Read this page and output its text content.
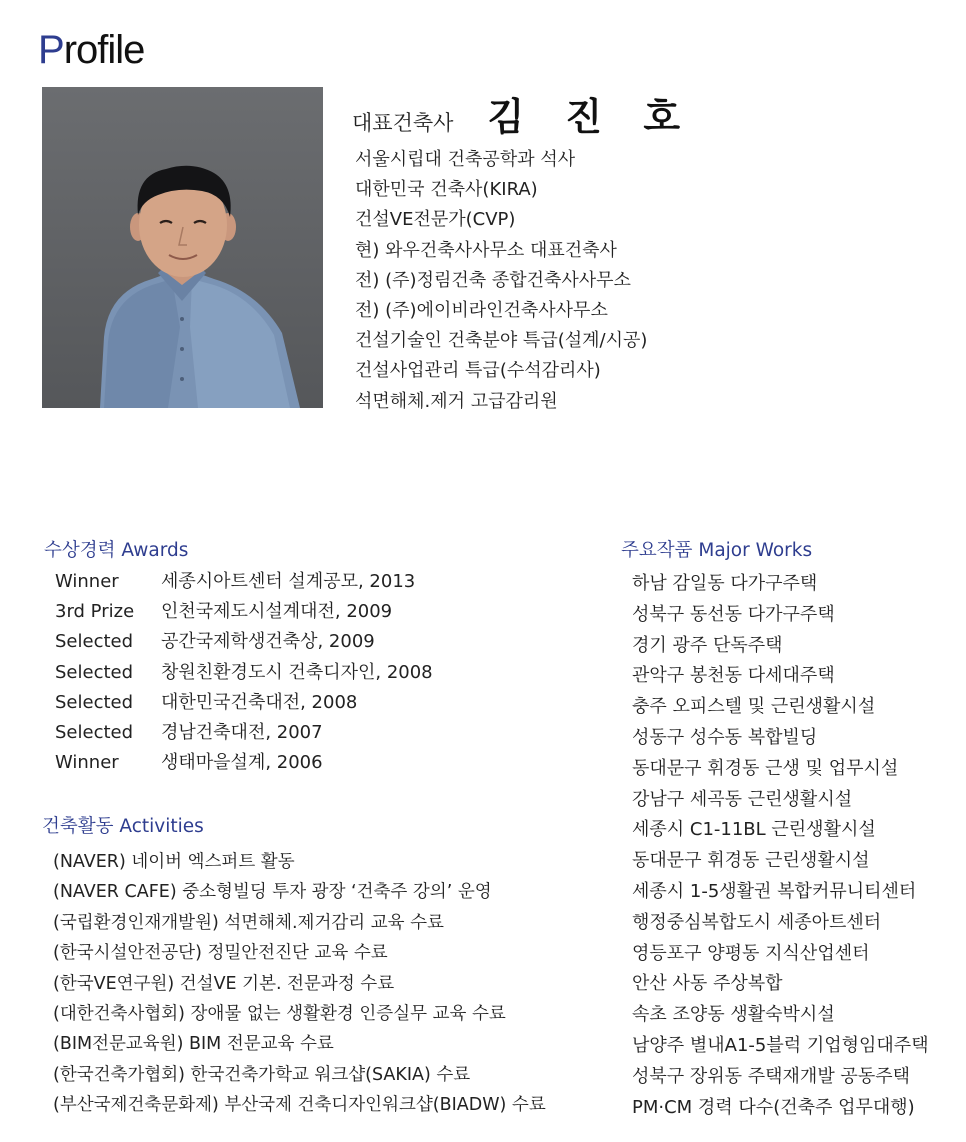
Profile
대표건축사 김 진 호
서울시립대 건축공학과 석사
대한민국 건축사(KIRA)
건설VE전문가(CVP)
현) 와우건축사사무소 대표건축사
전) (주)정림건축 종합건축사사무소
전) (주)에이비라인건축사사무소
건설기술인 건축분야 특급(설계/시공)
건설사업관리 특급(수석감리사)
석면해체.제거 고급감리원
수상경력 Awards
Winner	세종시아트센터 설계공모, 2013
3rd Prize	인천국제도시설계대전, 2009
Selected	공간국제학생건축상, 2009
Selected	창원친환경도시 건축디자인, 2008
Selected	대한민국건축대전, 2008
Selected	경남건축대전, 2007
Winner	생태마을설계, 2006
건축활동 Activities
(NAVER) 네이버 엑스퍼트 활동
(NAVER CAFE) 중소형빌딩 투자 광장 ‘건축주 강의’ 운영
(국립환경인재개발원) 석면해체.제거감리 교육 수료
(한국시설안전공단) 정밀안전진단 교육 수료
(한국VE연구원) 건설VE 기본. 전문과정 수료
(대한건축사협회) 장애물 없는 생활환경 인증실무 교육 수료
(BIM전문교육원) BIM 전문교육 수료
(한국건축가협회) 한국건축가학교 워크샵(SAKIA) 수료
(부산국제건축문화제) 부산국제 건축디자인워크샵(BIADW) 수료
주요작품 Major Works
하남 감일동 다가구주택
성북구 동선동 다가구주택
경기 광주 단독주택
관악구 봉천동 다세대주택
충주 오피스텔 및 근린생활시설
성동구 성수동 복합빌딩
동대문구 휘경동 근생 및 업무시설
강남구 세곡동 근린생활시설
세종시 C1-11BL 근린생활시설
동대문구 휘경동 근린생활시설
세종시 1-5생활권 복합커뮤니티센터
행정중심복합도시 세종아트센터
영등포구 양평동 지식산업센터
안산 사동 주상복합
속초 조양동 생활숙박시설
남양주 별내A1-5블럭 기업형임대주택
성북구 장위동 주택재개발 공동주택
PM·CM 경력 다수(건축주 업무대행)
